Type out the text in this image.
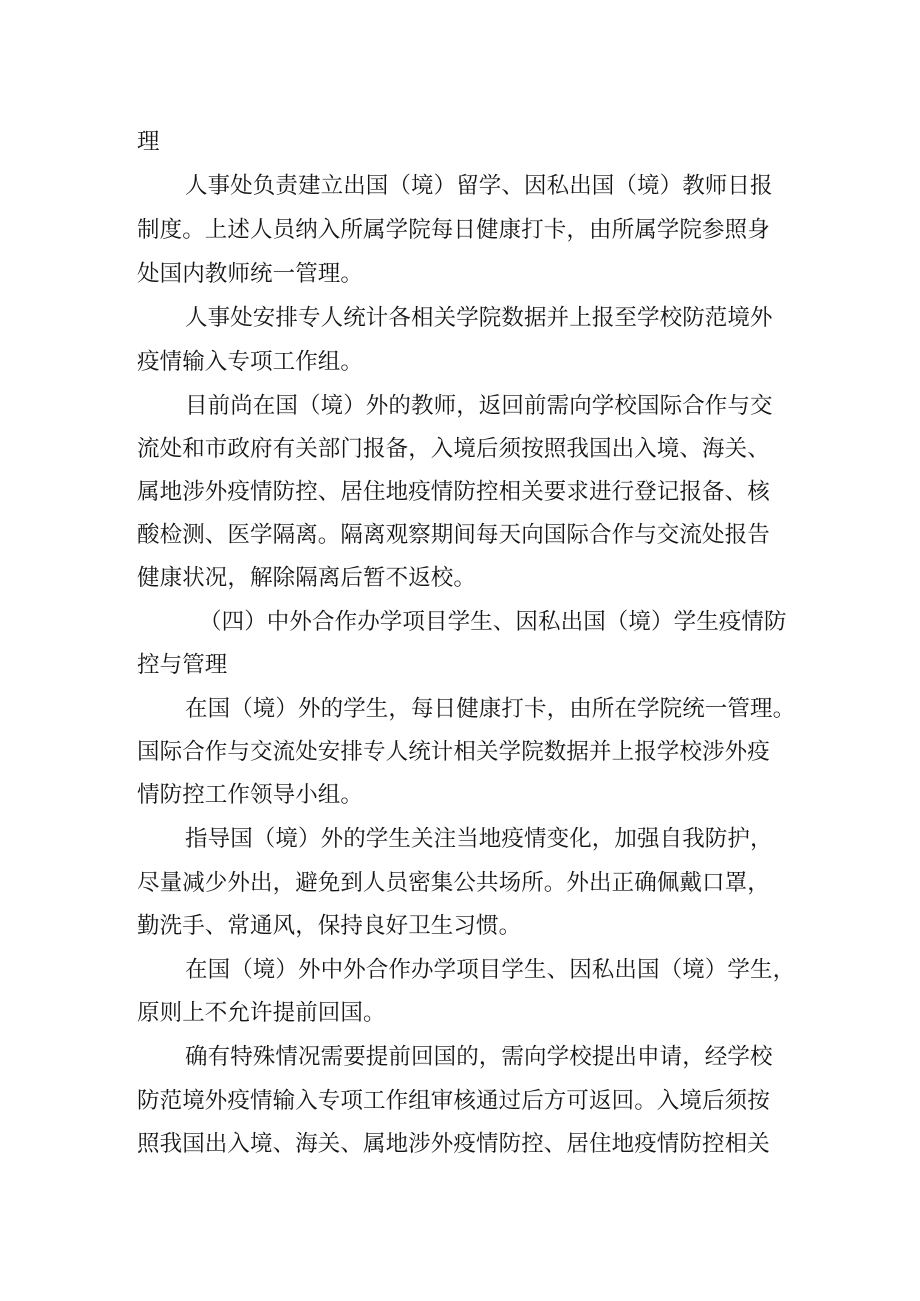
理
人事处负责建立出国（境）留学、因私出国（境）教师日报
制度。上述人员纳入所属学院每日健康打卡，由所属学院参照身
处国内教师统一管理。
人事处安排专人统计各相关学院数据并上报至学校防范境外
疫情输入专项工作组。
目前尚在国（境）外的教师，返回前需向学校国际合作与交
流处和市政府有关部门报备，入境后须按照我国出入境、海关、
属地涉外疫情防控、居住地疫情防控相关要求进行登记报备、核
酸检测、医学隔离。隔离观察期间每天向国际合作与交流处报告
健康状况，解除隔离后暂不返校。
（四）中外合作办学项目学生、因私出国（境）学生疫情防
控与管理
在国（境）外的学生，每日健康打卡，由所在学院统一管理。
国际合作与交流处安排专人统计相关学院数据并上报学校涉外疫
情防控工作领导小组。
指导国（境）外的学生关注当地疫情变化，加强自我防护，
尽量减少外出，避免到人员密集公共场所。外出正确佩戴口罩，
勤洗手、常通风，保持良好卫生习惯。
在国（境）外中外合作办学项目学生、因私出国（境）学生，
原则上不允许提前回国。
确有特殊情况需要提前回国的，需向学校提出申请，经学校
防范境外疫情输入专项工作组审核通过后方可返回。入境后须按
照我国出入境、海关、属地涉外疫情防控、居住地疫情防控相关
